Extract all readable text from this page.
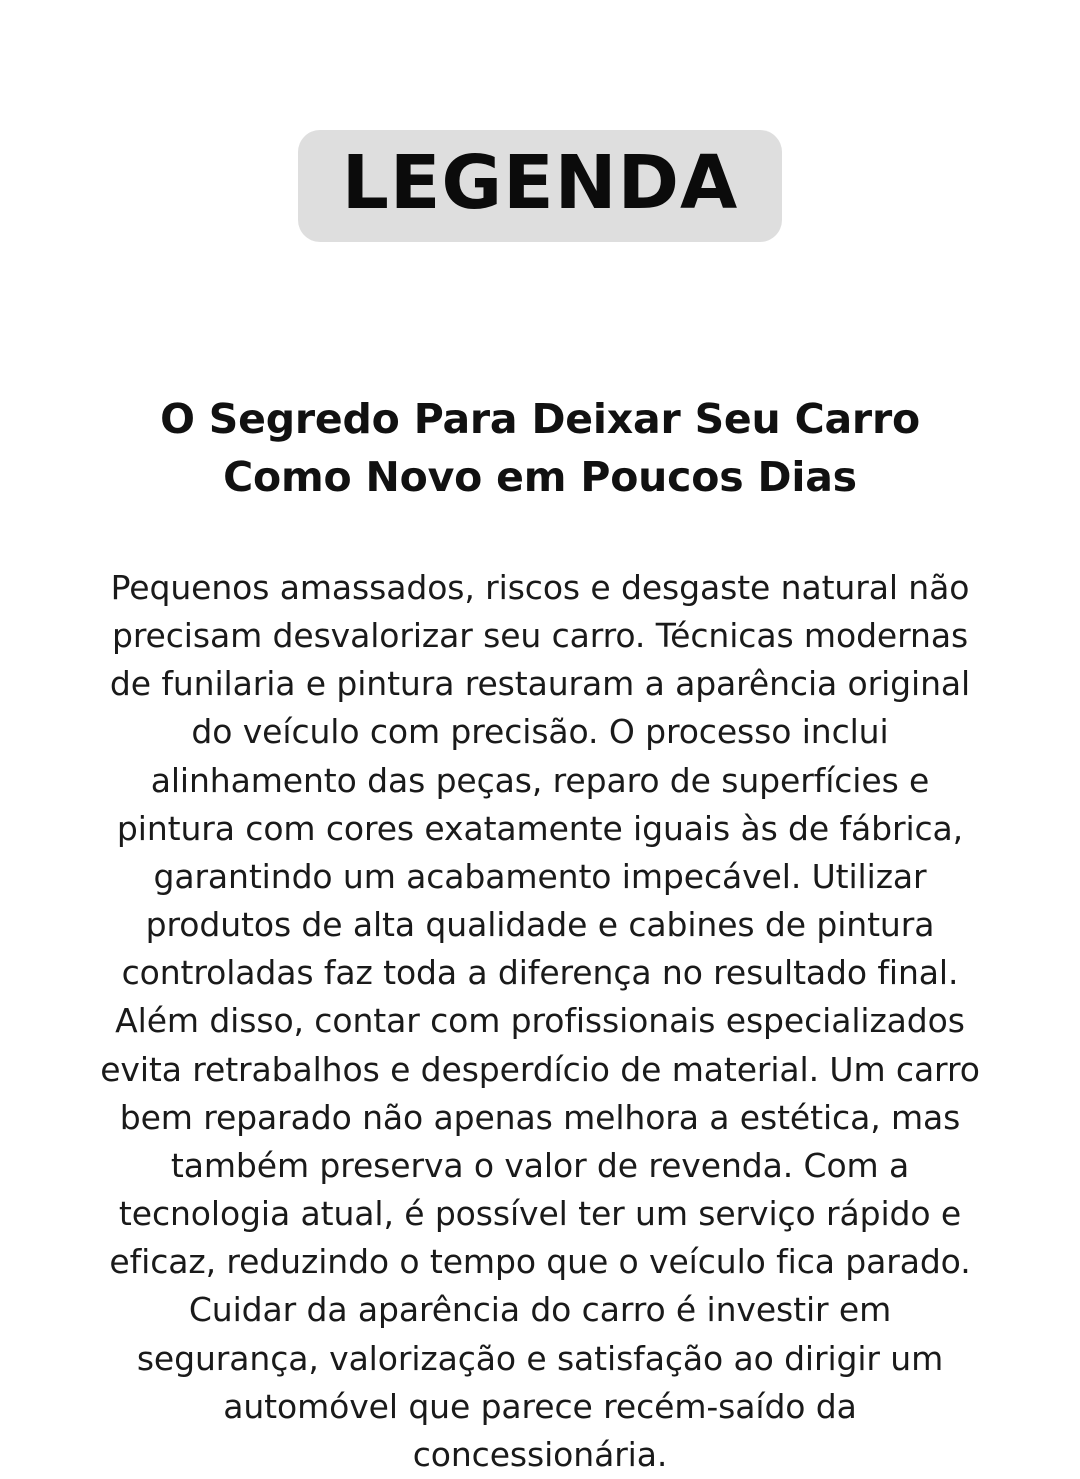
LEGENDA
O Segredo Para Deixar Seu Carro Como Novo em Poucos Dias

Pequenos amassados, riscos e desgaste natural não precisam desvalorizar seu carro. Técnicas modernas de funilaria e pintura restauram a aparência original do veículo com precisão. O processo inclui alinhamento das peças, reparo de superfícies e pintura com cores exatamente iguais às de fábrica, garantindo um acabamento impecável. Utilizar produtos de alta qualidade e cabines de pintura controladas faz toda a diferença no resultado final. Além disso, contar com profissionais especializados evita retrabalhos e desperdício de material. Um carro bem reparado não apenas melhora a estética, mas também preserva o valor de revenda. Com a tecnologia atual, é possível ter um serviço rápido e eficaz, reduzindo o tempo que o veículo fica parado. Cuidar da aparência do carro é investir em segurança, valorização e satisfação ao dirigir um automóvel que parece recém-saído da concessionária.
